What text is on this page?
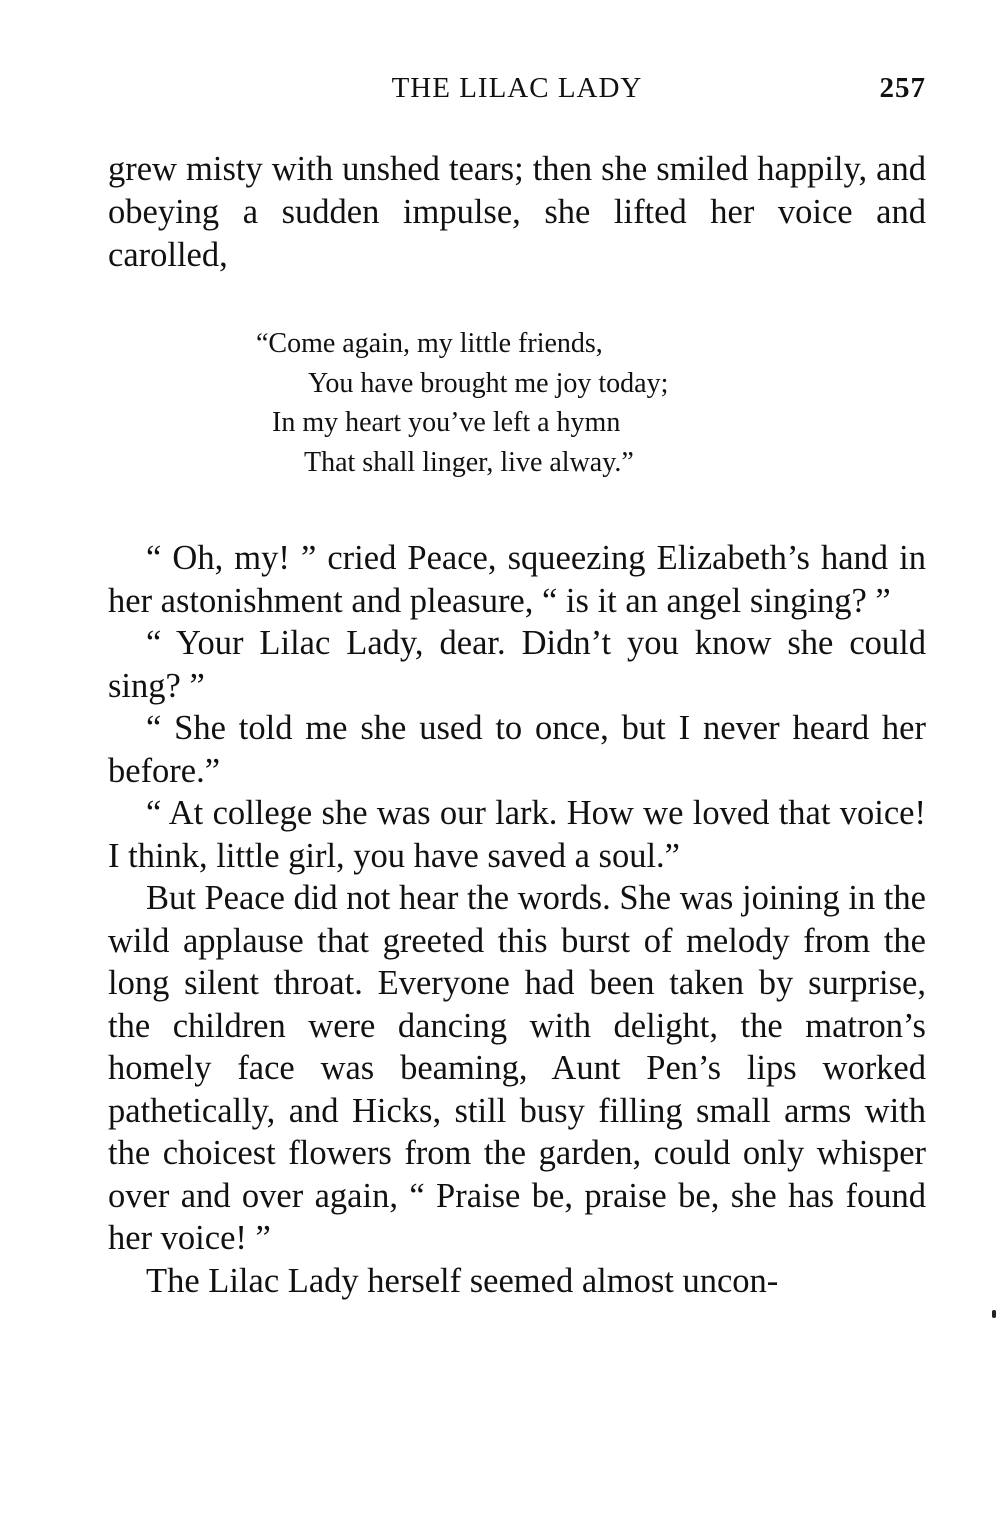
THE LILAC LADY	257

grew misty with unshed tears; then she smiled happily, and obeying a sudden impulse, she lifted her voice and carolled,

“Come again, my little friends,
You have brought me joy today;
In my heart you’ve left a hymn
That shall linger, live alway.”

“ Oh, my! ” cried Peace, squeezing Elizabeth’s hand in her astonishment and pleasure, “ is it an angel singing? ”

“ Your Lilac Lady, dear. Didn’t you know she could sing? ”

“ She told me she used to once, but I never heard her before.”

“ At college she was our lark. How we loved that voice! I think, little girl, you have saved a soul.”

But Peace did not hear the words. She was joining in the wild applause that greeted this burst of melody from the long silent throat. Everyone had been taken by surprise, the children were dancing with delight, the matron’s homely face was beaming, Aunt Pen’s lips worked pathetically, and Hicks, still busy filling small arms with the choicest flowers from the garden, could only whisper over and over again, “ Praise be, praise be, she has found her voice! ”

The Lilac Lady herself seemed almost uncon-
